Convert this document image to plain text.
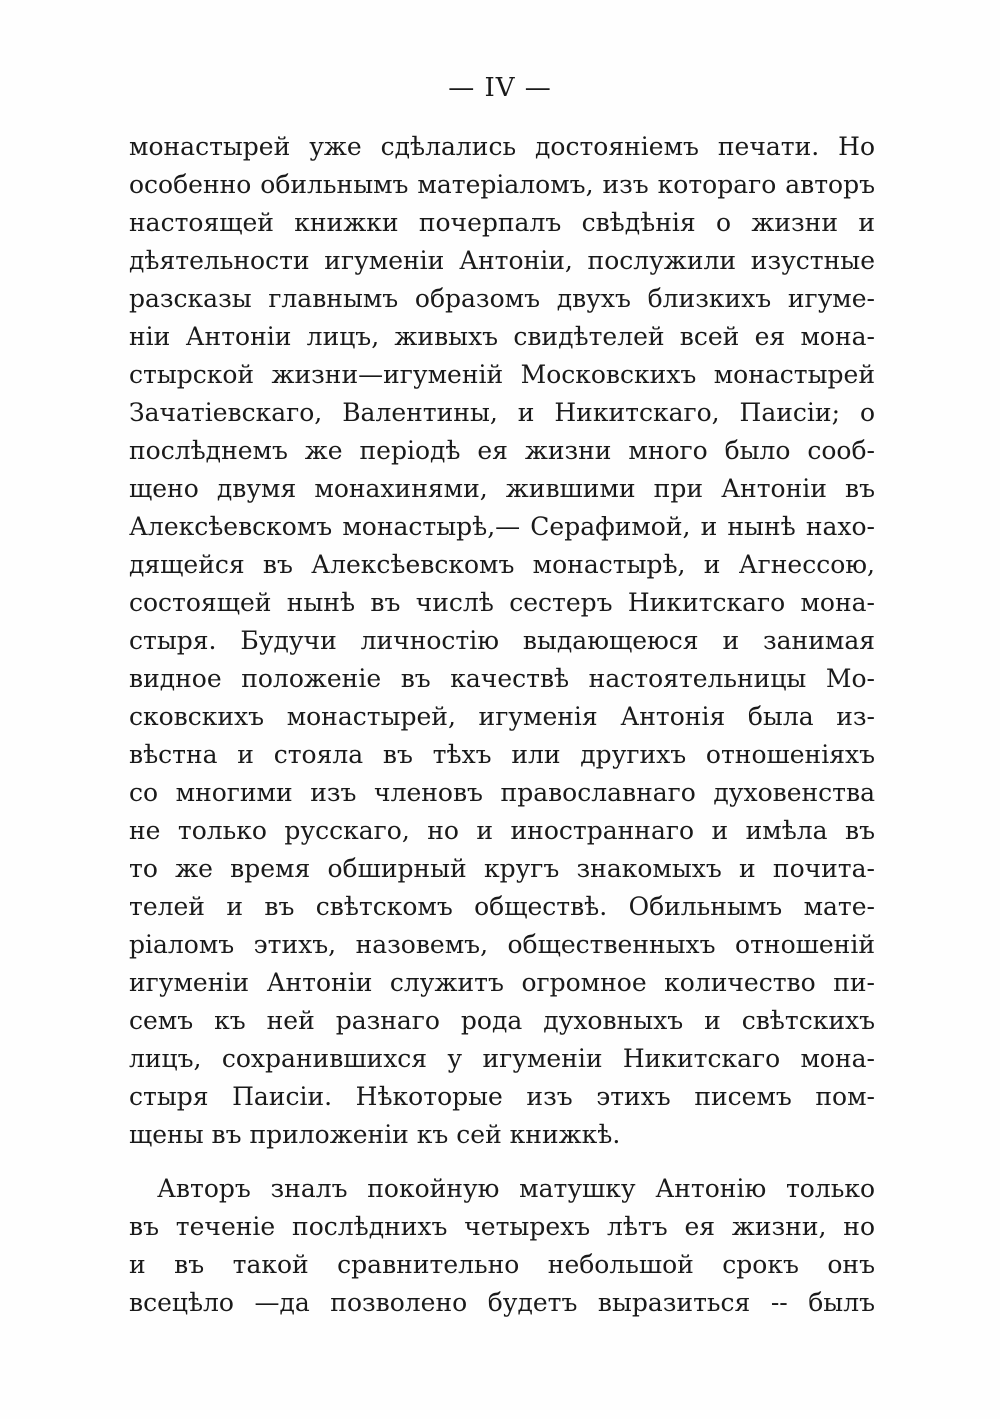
— IV —
монастырей уже сдѣлались достояніемъ печати. Но
особенно обильнымъ матеріаломъ, изъ котораго авторъ
настоящей книжки почерпалъ свѣдѣнія о жизни и
дѣятельности игуменіи Антоніи, послужили изустные
разсказы главнымъ образомъ двухъ близкихъ игуме-
ніи Антоніи лицъ, живыхъ свидѣтелей всей ея мона-
стырской жизни—игуменій Московскихъ монастырей
Зачатіевскаго, Валентины, и Никитскаго, Паисіи; о
послѣднемъ же періодѣ ея жизни много было сооб-
щено двумя монахинями, жившими при Антоніи въ
Алексѣевскомъ монастырѣ,— Серафимой, и нынѣ нахо-
дящейся въ Алексѣевскомъ монастырѣ, и Агнессою,
состоящей нынѣ въ числѣ сестеръ Никитскаго мона-
стыря. Будучи личностію выдающеюся и занимая
видное положеніе въ качествѣ настоятельницы Мо-
сковскихъ монастырей, игуменія Антонія была из-
вѣстна и стояла въ тѣхъ или другихъ отношеніяхъ
со многими изъ членовъ православнаго духовенства
не только русскаго, но и иностраннаго и имѣла въ
то же время обширный кругъ знакомыхъ и почита-
телей и въ свѣтскомъ обществѣ. Обильнымъ мате-
ріаломъ этихъ, назовемъ, общественныхъ отношеній
игуменіи Антоніи служитъ огромное количество пи-
семъ къ ней разнаго рода духовныхъ и свѣтскихъ
лицъ, сохранившихся у игуменіи Никитскаго мона-
стыря Паисіи. Нѣкоторые изъ этихъ писемъ пом-
щены въ приложеніи къ сей книжкѣ.
Авторъ зналъ покойную матушку Антонію только
въ теченіе послѣднихъ четырехъ лѣтъ ея жизни, но
и въ такой сравнительно небольшой срокъ онъ
всецѣло —да позволено будетъ выразиться -- былъ
